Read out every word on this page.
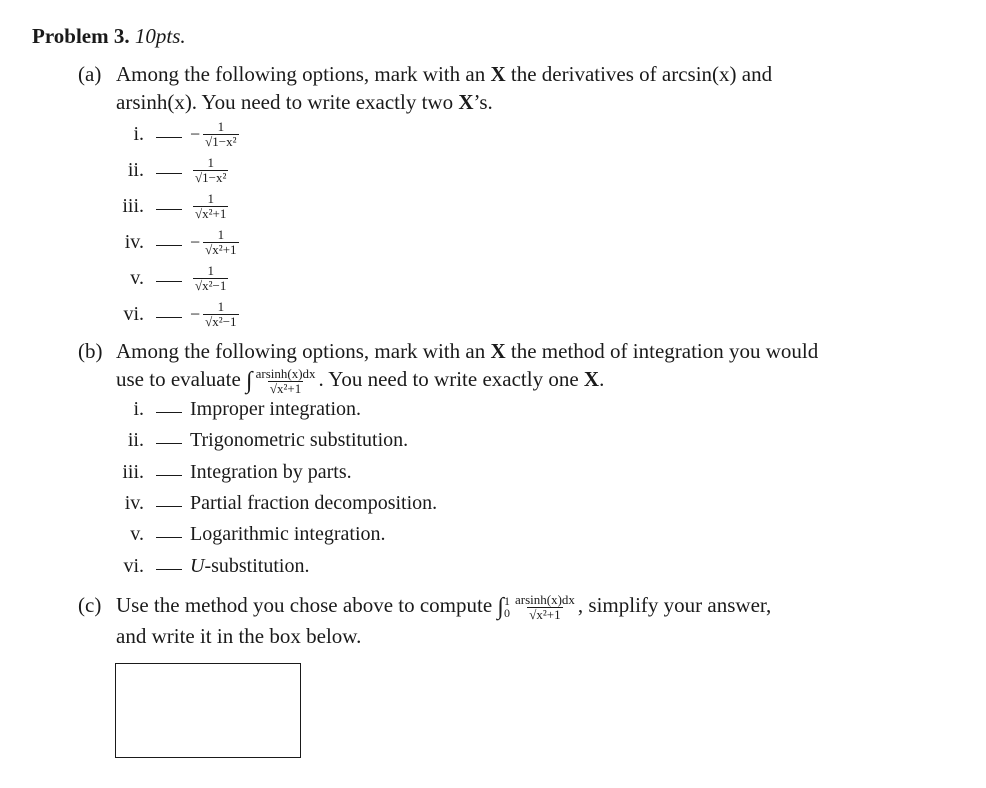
Problem 3. 10pts.
(a) Among the following options, mark with an X the derivatives of arcsin(x) and
arsinh(x). You need to write exactly two X’s.
i.	− $\frac{1}{\text{√1−x²}}$
ii.	$\frac{1}{\text{√1−x²}}$
iii.	$\frac{1}{\text{√x²+1}}$
iv.	− $\frac{1}{\text{√x²+1}}$
v.	$\frac{1}{\text{√x²−1}}$
vi.	− $\frac{1}{\text{√x²−1}}$
(b) Among the following options, mark with an X the method of integration you would
use to evaluate ∫ $\frac{arsinh(x)dx}{\text{√x²+1}}$ . You need to write exactly one X.
i. Improper integration.
ii. Trigonometric substitution.
iii. Integration by parts.
iv. Partial fraction decomposition.
v. Logarithmic integration.
vi. U -substitution.
(c) Use the method you chose above to compute ∫ 1
$0 \frac{arsinh(x)dx}{\text{√x²+1}}$ , simplify your answer,
and write it in the box below.
